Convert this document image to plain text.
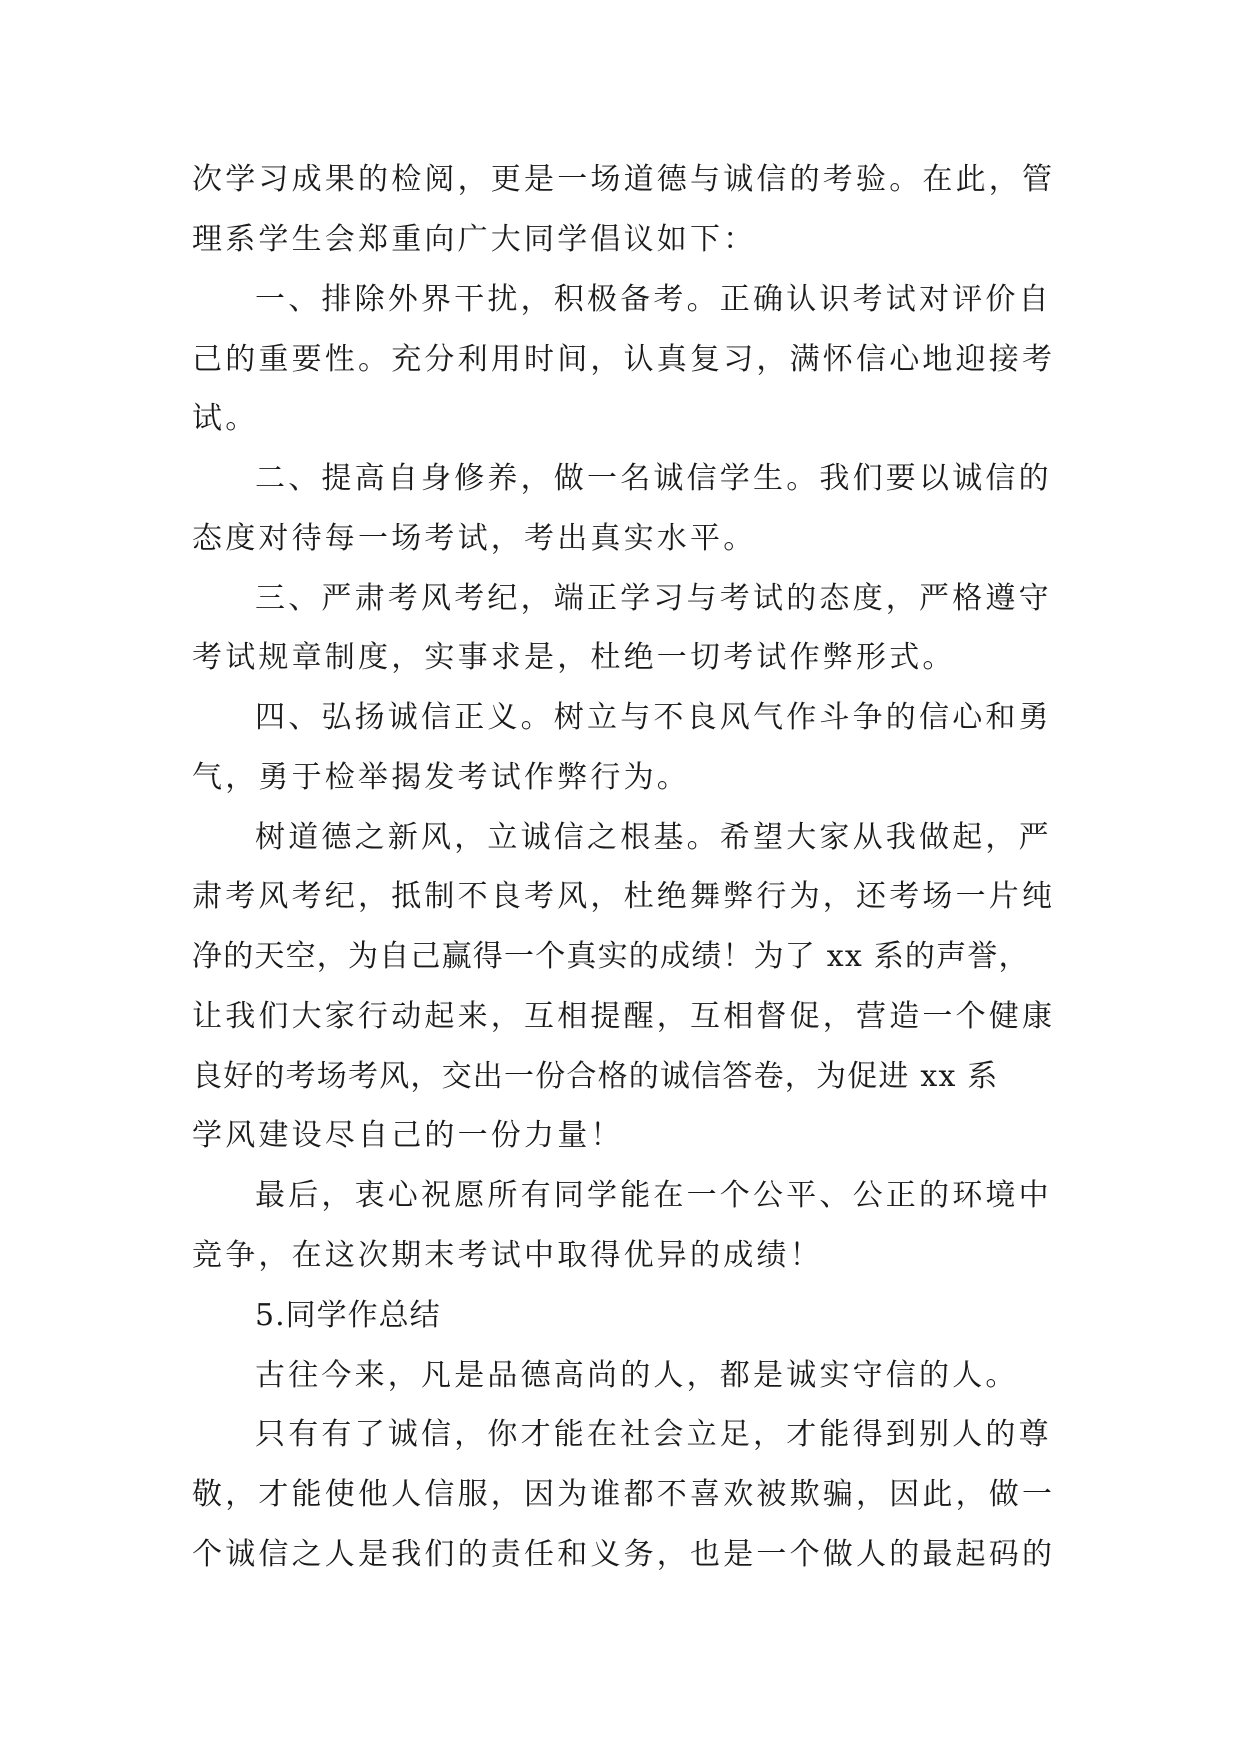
次学习成果的检阅，更是一场道德与诚信的考验。在此，管
理系学生会郑重向广大同学倡议如下：
一、排除外界干扰，积极备考。正确认识考试对评价自
己的重要性。充分利用时间，认真复习，满怀信心地迎接考
试。
二、提高自身修养，做一名诚信学生。我们要以诚信的
态度对待每一场考试，考出真实水平。
三、严肃考风考纪，端正学习与考试的态度，严格遵守
考试规章制度，实事求是，杜绝一切考试作弊形式。
四、弘扬诚信正义。树立与不良风气作斗争的信心和勇
气，勇于检举揭发考试作弊行为。
树道德之新风，立诚信之根基。希望大家从我做起，严
肃考风考纪，抵制不良考风，杜绝舞弊行为，还考场一片纯
净的天空，为自己赢得一个真实的成绩！为了 xx 系的声誉，
让我们大家行动起来，互相提醒，互相督促，营造一个健康
良好的考场考风，交出一份合格的诚信答卷，为促进 xx 系
学风建设尽自己的一份力量！
最后，衷心祝愿所有同学能在一个公平、公正的环境中
竞争，在这次期末考试中取得优异的成绩！
5.同学作总结
古往今来，凡是品德高尚的人，都是诚实守信的人。
只有有了诚信，你才能在社会立足，才能得到别人的尊
敬，才能使他人信服，因为谁都不喜欢被欺骗，因此，做一
个诚信之人是我们的责任和义务，也是一个做人的最起码的
